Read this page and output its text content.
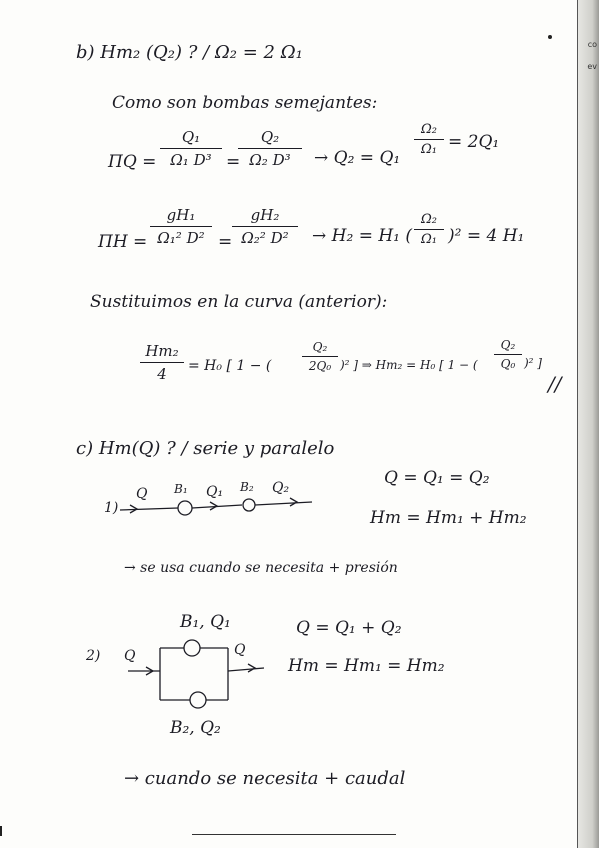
co
ev
b) Hm₂ (Q₂) ? / Ω₂ = 2 Ω₁
Como son bombas semejantes:
ΠQ =
Q₁
Ω₁ D³ =
Q₂
Ω₂ D³	→ Q₂ = Q₁
Ω₂
Ω₁ = 2Q₁
ΠH =
gH₁
Ω₁² D² =
gH₂
Ω₂² D²	→ H₂ = H₁ (
Ω₂
Ω₁ )² = 4 H₁
Sustituimos en la curva (anterior):
Hm₂
4	= H₀ [ 1 − (
Q₂
2Q₀ )² ] ⇒ Hm₂ = H₀ [ 1 − (
Q₂
Q₀ )² ]
//
c) Hm(Q) ? / serie y paralelo
1)
Q B₁ Q₁ B₂ Q₂	Q = Q₁ = Q₂
Hm = Hm₁ + Hm₂
→ se usa cuando se necesita + presión
B₁, Q₁
2) Q	Q
B₂, Q₂
Q = Q₁ + Q₂
Hm = Hm₁ = Hm₂
→ cuando se necesita + caudal
